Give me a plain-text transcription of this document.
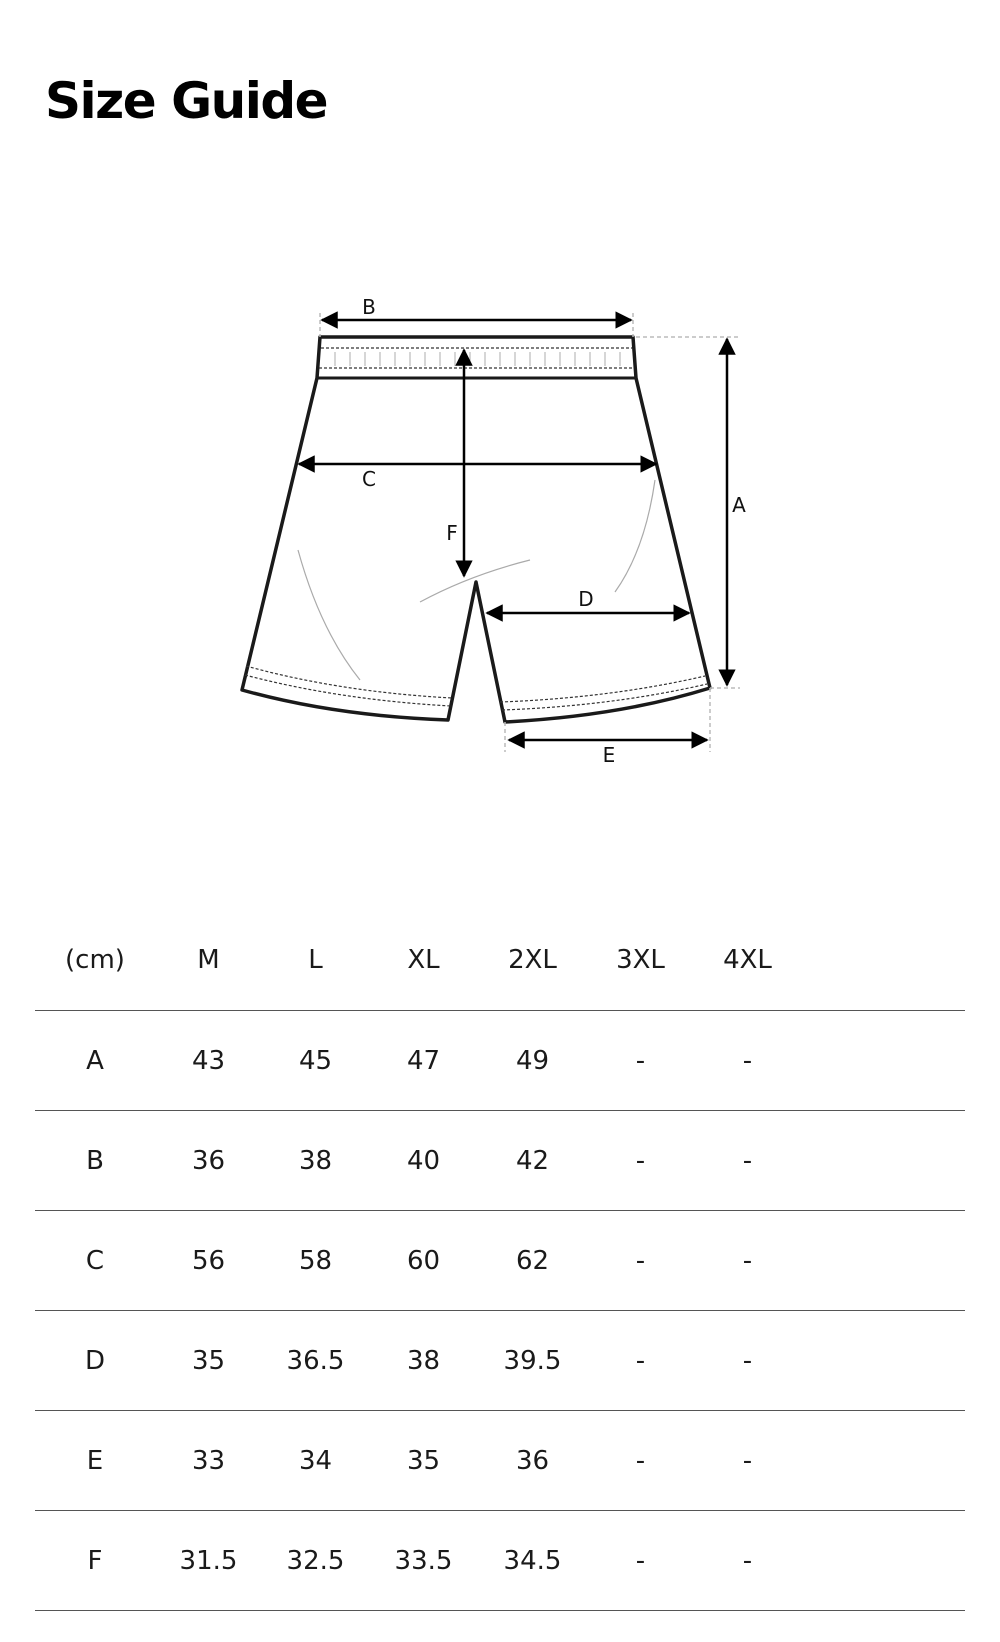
Size Guide
B
C
A
F
D
E
(cm)	M	L	XL	2XL	3XL	4XL	
A	43	45	47	49	-	-	
B	36	38	40	42	-	-	
C	56	58	60	62	-	-	
D	35	36.5	38	39.5	-	-	
E	33	34	35	36	-	-	
F	31.5	32.5	33.5	34.5	-	-	
